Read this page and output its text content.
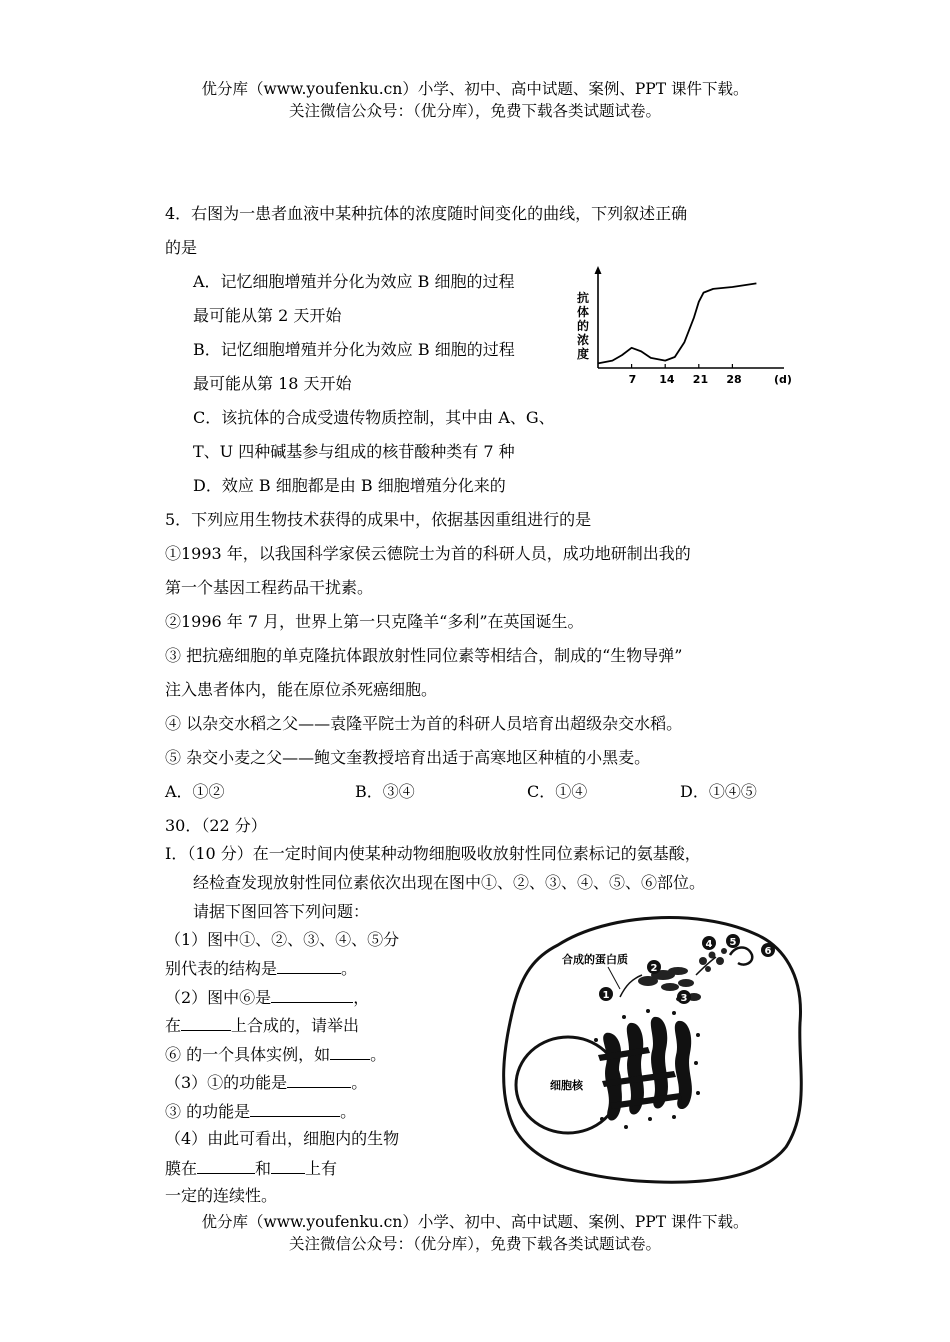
优分库（www.youfenku.cn）小学、初中、高中试题、案例、PPT 课件下载。
关注微信公众号：（优分库），免费下载各类试题试卷。
4．右图为一患者血液中某种抗体的浓度随时间变化的曲线，下列叙述正确
的是
A．记忆细胞增殖并分化为效应 B 细胞的过程
最可能从第 2 天开始
B．记忆细胞增殖并分化为效应 B 细胞的过程
最可能从第 18 天开始
C．该抗体的合成受遗传物质控制，其中由 A、G、
T、U 四种碱基参与组成的核苷酸种类有 7 种
D．效应 B 细胞都是由 B 细胞增殖分化来的
抗
体
的
浓
度
7 14 21 28	(d)
5．下列应用生物技术获得的成果中，依据基因重组进行的是
①1993 年，以我国科学家侯云德院士为首的科研人员，成功地研制出我的
第一个基因工程药品干扰素。
②1996 年 7 月，世界上第一只克隆羊“多利”在英国诞生。
③ 把抗癌细胞的单克隆抗体跟放射性同位素等相结合，制成的“生物导弹”
注入患者体内，能在原位杀死癌细胞。
④ 以杂交水稻之父——袁隆平院士为首的科研人员培育出超级杂交水稻。
⑤ 杂交小麦之父——鲍文奎教授培育出适于高寒地区种植的小黑麦。
A．①②	B．③④	C．①④	D．①④⑤
30．（22 分）
I．（10 分）在一定时间内使某种动物细胞吸收放射性同位素标记的氨基酸，
经检查发现放射性同位素依次出现在图中①、②、③、④、⑤、⑥部位。
请据下图回答下列问题：
（1）图中①、②、③、④、⑤分
别代表的结构是	。
（2）图中⑥是	，
在	上合成的，请举出
⑥ 的一个具体实例，如	。
（3）①的功能是	。
③ 的功能是	。
（4）由此可看出，细胞内的生物
膜在	和 上有
一定的连续性。
细胞核
合成的蛋白质
1
2
3
4 5
6
优分库（www.youfenku.cn）小学、初中、高中试题、案例、PPT 课件下载。
关注微信公众号：（优分库），免费下载各类试题试卷。
